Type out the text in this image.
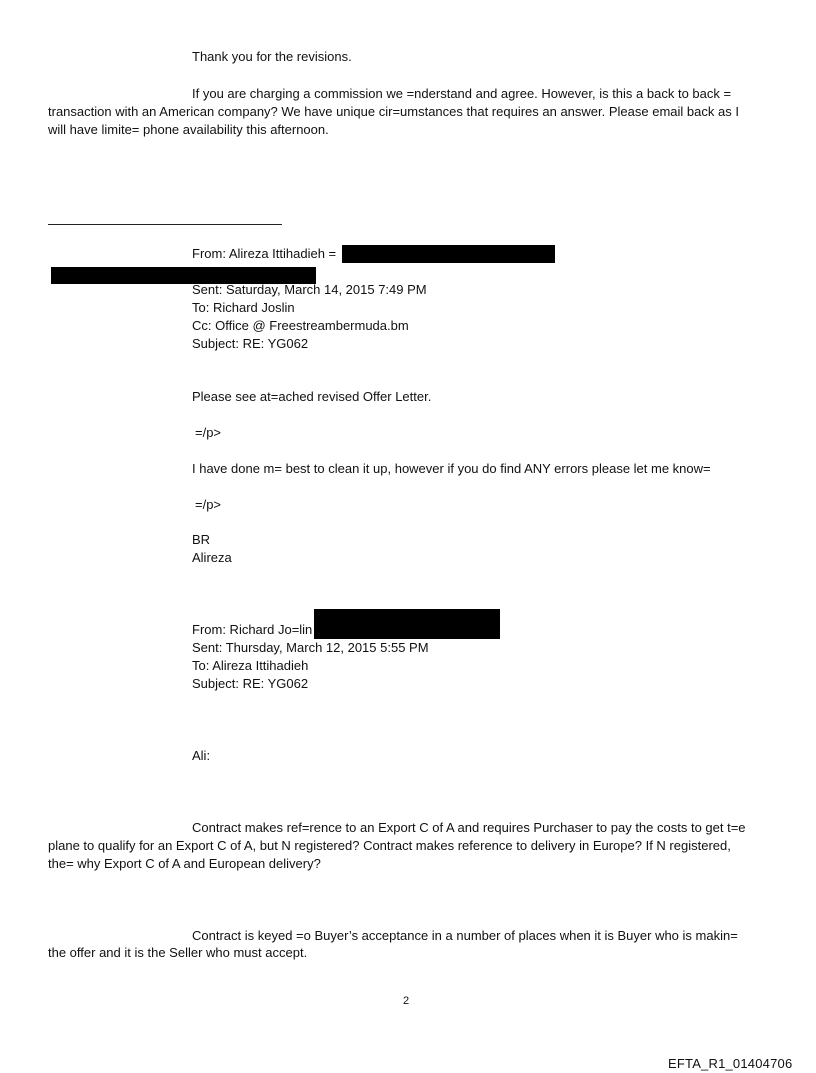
Thank you for the revisions.
If you are charging a commission we =nderstand and agree. However, is this a back to back =
transaction with an American company? We have unique cir=umstances that requires an answer. Please email back as I
will have limite= phone availability this afternoon.
From: Alireza Ittihadieh =
Sent: Saturday, March 14, 2015 7:49 PM
To: Richard Joslin
Cc: Office @ Freestreambermuda.bm
Subject: RE: YG062
Please see at=ached revised Offer Letter.
=/p>
I have done m= best to clean it up, however if you do find ANY errors please let me know=
=/p>
BR
Alireza
From: Richard Jo=lin
Sent: Thursday, March 12, 2015 5:55 PM
To: Alireza Ittihadieh
Subject: RE: YG062
Ali:
Contract makes ref=rence to an Export C of A and requires Purchaser to pay the costs to get t=e
plane to qualify for an Export C of A, but N registered? Contract makes reference to delivery in Europe? If N registered,
the= why Export C of A and European delivery?
Contract is keyed =o Buyer’s acceptance in a number of places when it is Buyer who is makin=
the offer and it is the Seller who must accept.
2
EFTA_R1_01404706
